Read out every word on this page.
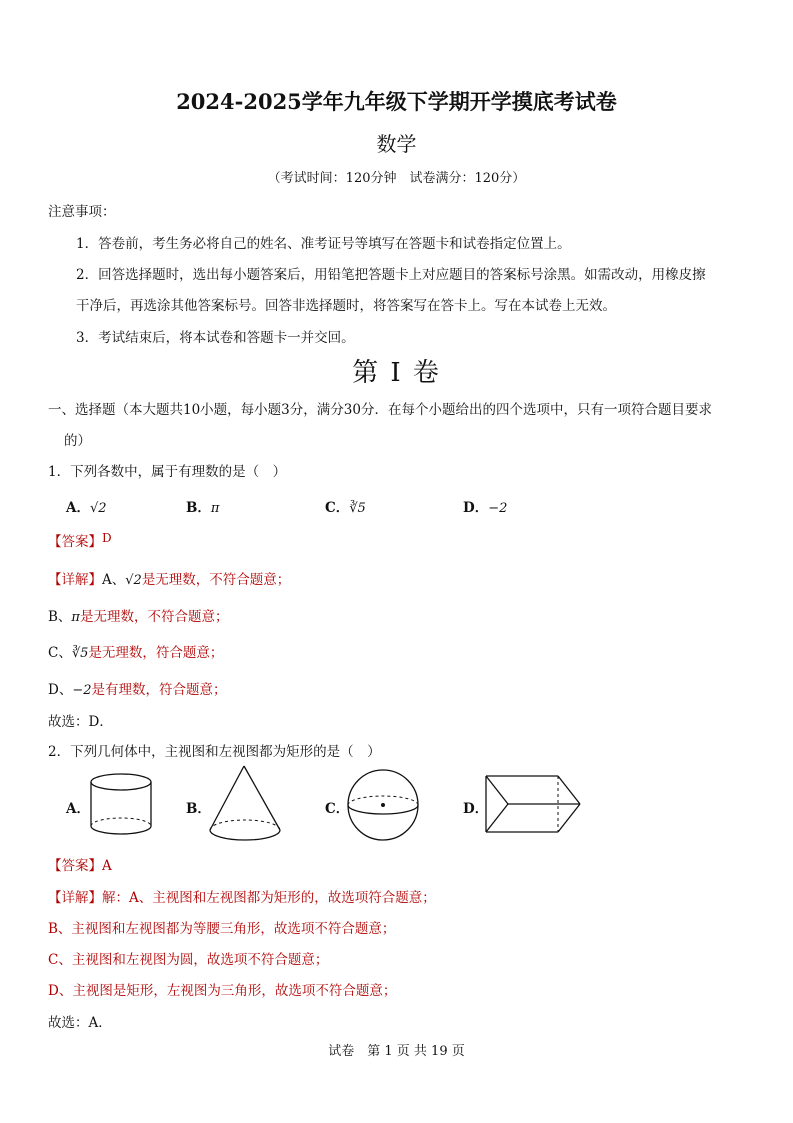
2024-2025学年九年级下学期开学摸底考试卷
数学
（考试时间：120分钟　试卷满分：120分）
注意事项：
1．答卷前，考生务必将自己的姓名、准考证号等填写在答题卡和试卷指定位置上。
2．回答选择题时，选出每小题答案后，用铅笔把答题卡上对应题目的答案标号涂黑。如需改动，用橡皮擦
干净后，再选涂其他答案标号。回答非选择题时，将答案写在答卡上。写在本试卷上无效。
3．考试结束后，将本试卷和答题卡一并交回。
第 I 卷
一、选择题（本大题共10小题，每小题3分，满分30分．在每个小题给出的四个选项中，只有一项符合题目要求
的）
1．下列各数中，属于有理数的是（　）
A．√2	B．π	C．∛5	D．−2
【答案】D
【详解】A、√2是无理数，不符合题意；
B、π是无理数，不符合题意；
C、∛5是无理数，符合题意；
D、−2是有理数，符合题意；
故选：D．
2．下列几何体中，主视图和左视图都为矩形的是（　）
A．	B．	C．	D．
【答案】A
【详解】解：A、主视图和左视图都为矩形的，故选项符合题意；
B、主视图和左视图都为等腰三角形，故选项不符合题意；
C、主视图和左视图为圆，故选项不符合题意；
D、主视图是矩形，左视图为三角形，故选项不符合题意；
故选：A．
试卷　第 1 页 共 19 页
